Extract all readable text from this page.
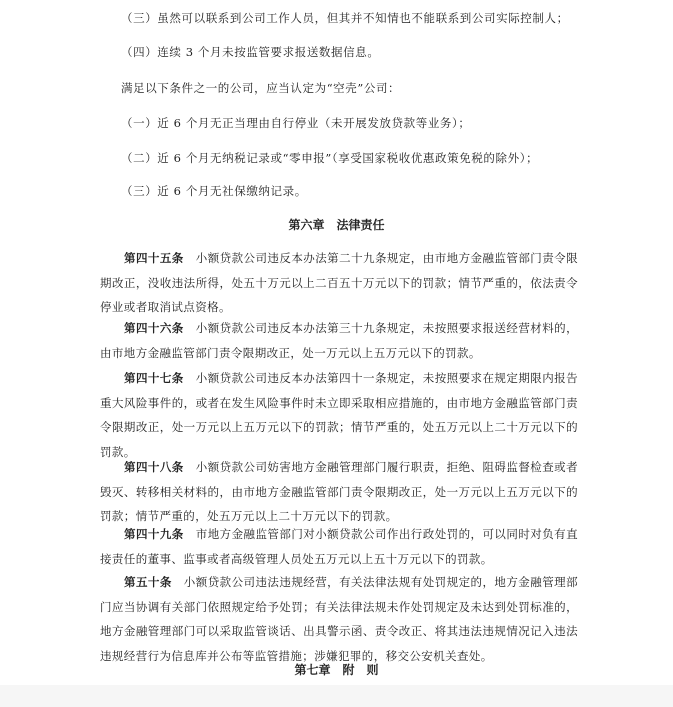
（三）虽然可以联系到公司工作人员，但其并不知情也不能联系到公司实际控制人；
（四）连续 3 个月未按监管要求报送数据信息。
满足以下条件之一的公司，应当认定为“空壳”公司：
（一）近 6 个月无正当理由自行停业（未开展发放贷款等业务）；
（二）近 6 个月无纳税记录或“零申报”（享受国家税收优惠政策免税的除外）；
（三）近 6 个月无社保缴纳记录。
第六章　法律责任
第四十五条 小额贷款公司违反本办法第二十九条规定，由市地方金融监管部门责令限期改正，没收违法所得，处五十万元以上二百五十万元以下的罚款；情节严重的，依法责令停业或者取消试点资格。
第四十六条 小额贷款公司违反本办法第三十九条规定，未按照要求报送经营材料的，由市地方金融监管部门责令限期改正，处一万元以上五万元以下的罚款。
第四十七条 小额贷款公司违反本办法第四十一条规定，未按照要求在规定期限内报告重大风险事件的，或者在发生风险事件时未立即采取相应措施的，由市地方金融监管部门责令限期改正，处一万元以上五万元以下的罚款；情节严重的，处五万元以上二十万元以下的罚款。
第四十八条 小额贷款公司妨害地方金融管理部门履行职责，拒绝、阻碍监督检查或者毁灭、转移相关材料的，由市地方金融监管部门责令限期改正，处一万元以上五万元以下的罚款；情节严重的，处五万元以上二十万元以下的罚款。
第四十九条 市地方金融监管部门对小额贷款公司作出行政处罚的，可以同时对负有直接责任的董事、监事或者高级管理人员处五万元以上五十万元以下的罚款。
第五十条 小额贷款公司违法违规经营，有关法律法规有处罚规定的，地方金融管理部门应当协调有关部门依照规定给予处罚；有关法律法规未作处罚规定及未达到处罚标准的，地方金融管理部门可以采取监管谈话、出具警示函、责令改正、将其违法违规情况记入违法违规经营行为信息库并公布等监管措施；涉嫌犯罪的，移交公安机关查处。
第七章　附　则
